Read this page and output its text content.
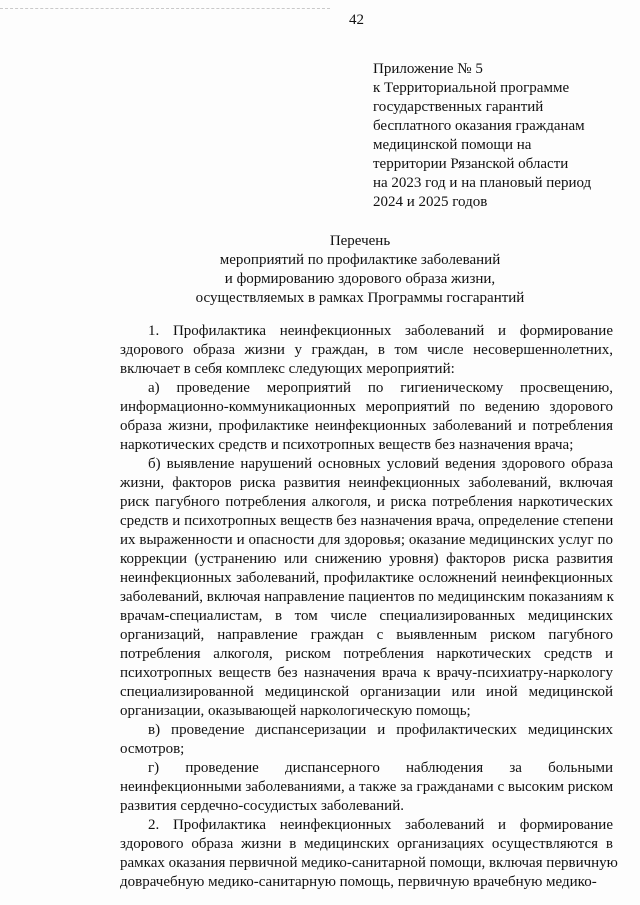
42
Приложение № 5
к Территориальной программе
государственных гарантий
бесплатного оказания гражданам
медицинской помощи на
территории Рязанской области
на 2023 год и на плановый период
2024 и 2025 годов
Перечень
мероприятий по профилактике заболеваний
и формированию здорового образа жизни,
осуществляемых в рамках Программы госгарантий
1. Профилактика неинфекционных заболеваний и формирование
здорового образа жизни у граждан, в том числе несовершеннолетних,
включает в себя комплекс следующих мероприятий:
а) проведение мероприятий по гигиеническому просвещению,
информационно-коммуникационных мероприятий по ведению здорового
образа жизни, профилактике неинфекционных заболеваний и потребления
наркотических средств и психотропных веществ без назначения врача;
б) выявление нарушений основных условий ведения здорового образа
жизни, факторов риска развития неинфекционных заболеваний, включая
риск пагубного потребления алкоголя, и риска потребления наркотических
средств и психотропных веществ без назначения врача, определение степени
их выраженности и опасности для здоровья; оказание медицинских услуг по
коррекции (устранению или снижению уровня) факторов риска развития
неинфекционных заболеваний, профилактике осложнений неинфекционных
заболеваний, включая направление пациентов по медицинским показаниям к
врачам-специалистам, в том числе специализированных медицинских
организаций, направление граждан с выявленным риском пагубного
потребления алкоголя, риском потребления наркотических средств и
психотропных веществ без назначения врача к врачу-психиатру-наркологу
специализированной медицинской организации или иной медицинской
организации, оказывающей наркологическую помощь;
в) проведение диспансеризации и профилактических медицинских
осмотров;
г) проведение диспансерного наблюдения за больными
неинфекционными заболеваниями, а также за гражданами с высоким риском
развития сердечно-сосудистых заболеваний.
2. Профилактика неинфекционных заболеваний и формирование
здорового образа жизни в медицинских организациях осуществляются в
рамках оказания первичной медико-санитарной помощи, включая первичную
доврачебную медико-санитарную помощь, первичную врачебную медико-
